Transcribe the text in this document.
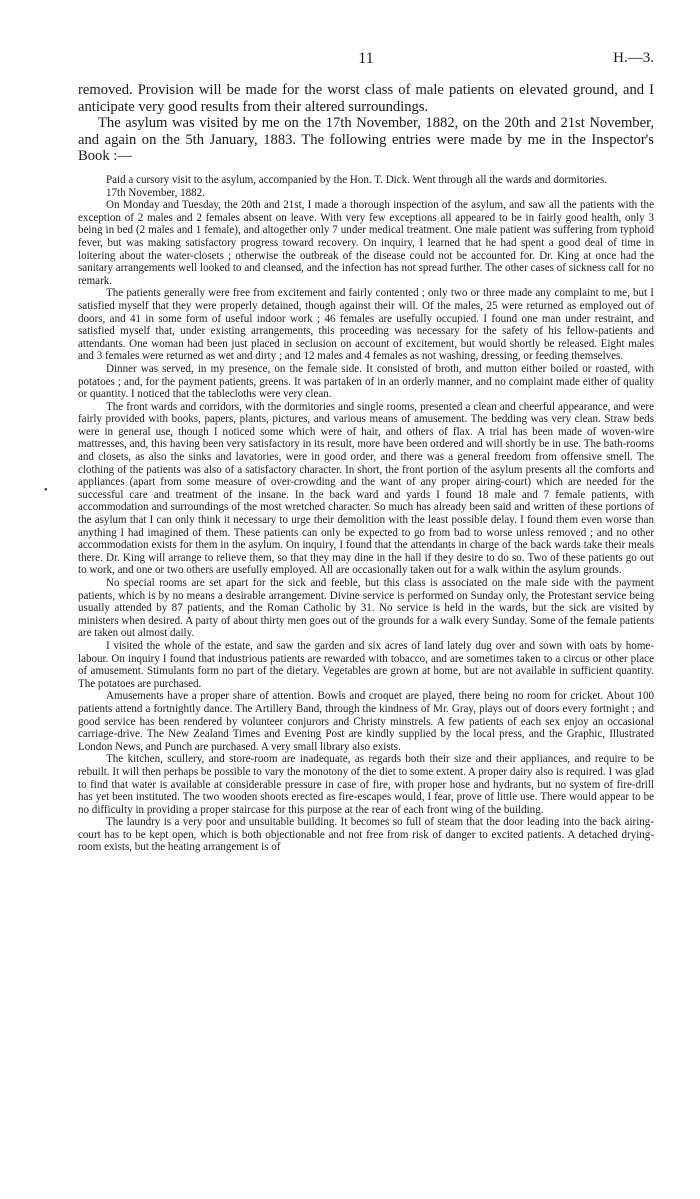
11	H.—3.

removed. Provision will be made for the worst class of male patients on elevated ground, and I anticipate very good results from their altered surroundings.

The asylum was visited by me on the 17th November, 1882, on the 20th and 21st November, and again on the 5th January, 1883. The following entries were made by me in the Inspector's Book :—

•

Paid a cursory visit to the asylum, accompanied by the Hon. T. Dick. Went through all the wards and dormitories.

17th November, 1882.

On Monday and Tuesday, the 20th and 21st, I made a thorough inspection of the asylum, and saw all the patients with the exception of 2 males and 2 females absent on leave. With very few exceptions all appeared to be in fairly good health, only 3 being in bed (2 males and 1 female), and altogether only 7 under medical treatment. One male patient was suffering from typhoid fever, but was making satisfactory progress toward recovery. On inquiry, I learned that he had spent a good deal of time in loitering about the water-closets ; otherwise the outbreak of the disease could not be accounted for. Dr. King at once had the sanitary arrangements well looked to and cleansed, and the infection has not spread further. The other cases of sickness call for no remark.

The patients generally were free from excitement and fairly contented ; only two or three made any complaint to me, but I satisfied myself that they were properly detained, though against their will. Of the males, 25 were returned as employed out of doors, and 41 in some form of useful indoor work ; 46 females are usefully occupied. I found one man under restraint, and satisfied myself that, under existing arrangements, this proceeding was necessary for the safety of his fellow-patients and attendants. One woman had been just placed in seclusion on account of excitement, but would shortly be released. Eight males and 3 females were returned as wet and dirty ; and 12 males and 4 females as not washing, dressing, or feeding themselves.

Dinner was served, in my presence, on the female side. It consisted of broth, and mutton either boiled or roasted, with potatoes ; and, for the payment patients, greens. It was partaken of in an orderly manner, and no complaint made either of quality or quantity. I noticed that the tablecloths were very clean.

The front wards and corridors, with the dormitories and single rooms, presented a clean and cheerful appearance, and were fairly provided with books, papers, plants, pictures, and various means of amusement. The bedding was very clean. Straw beds were in general use, though I noticed some which were of hair, and others of flax. A trial has been made of woven-wire mattresses, and, this having been very satisfactory in its result, more have been ordered and will shortly be in use. The bath-rooms and closets, as also the sinks and lavatories, were in good order, and there was a general freedom from offensive smell. The clothing of the patients was also of a satisfactory character. In short, the front portion of the asylum presents all the comforts and appliances (apart from some measure of over-crowding and the want of any proper airing-court) which are needed for the successful care and treatment of the insane. In the back ward and yards I found 18 male and 7 female patients, with accommodation and surroundings of the most wretched character. So much has already been said and written of these portions of the asylum that I can only think it necessary to urge their demolition with the least possible delay. I found them even worse than anything I had imagined of them. These patients can only be expected to go from bad to worse unless removed ; and no other accommodation exists for them in the asylum. On inquiry, I found that the attendants in charge of the back wards take their meals there. Dr. King will arrange to relieve them, so that they may dine in the hall if they desire to do so. Two of these patients go out to work, and one or two others are usefully employed. All are occasionally taken out for a walk within the asylum grounds.

No special rooms are set apart for the sick and feeble, but this class is associated on the male side with the payment patients, which is by no means a desirable arrangement. Divine service is performed on Sunday only, the Protestant service being usually attended by 87 patients, and the Roman Catholic by 31. No service is held in the wards, but the sick are visited by ministers when desired. A party of about thirty men goes out of the grounds for a walk every Sunday. Some of the female patients are taken out almost daily.

I visited the whole of the estate, and saw the garden and six acres of land lately dug over and sown with oats by home-labour. On inquiry I found that industrious patients are rewarded with tobacco, and are sometimes taken to a circus or other place of amusement. Stimulants form no part of the dietary. Vegetables are grown at home, but are not available in sufficient quantity. The potatoes are purchased.

Amusements have a proper share of attention. Bowls and croquet are played, there being no room for cricket. About 100 patients attend a fortnightly dance. The Artillery Band, through the kindness of Mr. Gray, plays out of doors every fortnight ; and good service has been rendered by volunteer conjurors and Christy minstrels. A few patients of each sex enjoy an occasional carriage-drive. The New Zealand Times and Evening Post are kindly supplied by the local press, and the Graphic, Illustrated London News, and Punch are purchased. A very small library also exists.

The kitchen, scullery, and store-room are inadequate, as regards both their size and their appliances, and require to be rebuilt. It will then perhaps be possible to vary the monotony of the diet to some extent. A proper dairy also is required. I was glad to find that water is available at considerable pressure in case of fire, with proper hose and hydrants, but no system of fire-drill has yet been instituted. The two wooden shoots erected as fire-escapes would, I fear, prove of little use. There would appear to be no difficulty in providing a proper staircase for this purpose at the rear of each front wing of the building.

The laundry is a very poor and unsuitable building. It becomes so full of steam that the door leading into the back airing-court has to be kept open, which is both objectionable and not free from risk of danger to excited patients. A detached drying-room exists, but the heating arrangement is of
